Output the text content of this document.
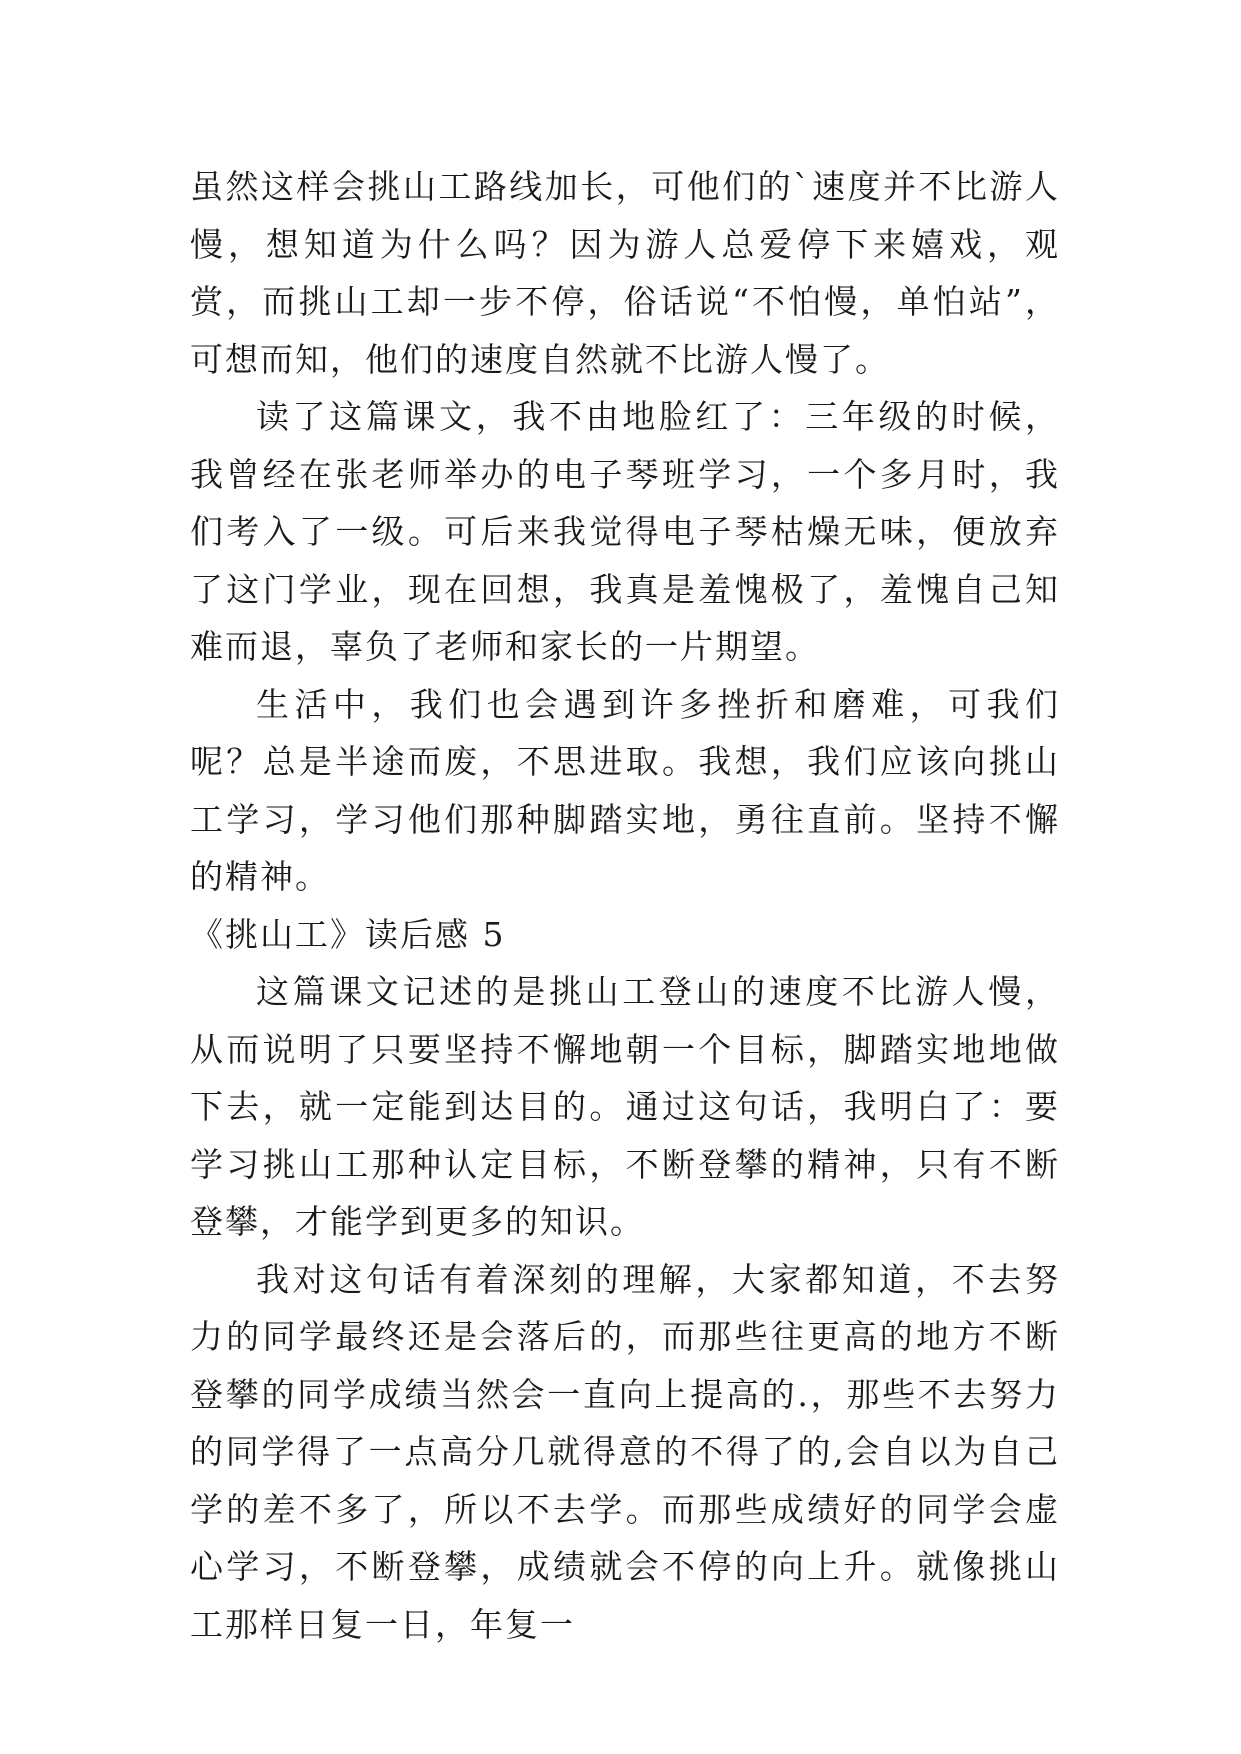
虽然这样会挑山工路线加长，可他们的`速度并不比游人慢，想知道为什么吗？因为游人总爱停下来嬉戏，观赏，而挑山工却一步不停，俗话说“不怕慢，单怕站”，可想而知，他们的速度自然就不比游人慢了。

读了这篇课文，我不由地脸红了：三年级的时候，我曾经在张老师举办的电子琴班学习，一个多月时，我们考入了一级。可后来我觉得电子琴枯燥无味，便放弃了这门学业，现在回想，我真是羞愧极了，羞愧自己知难而退，辜负了老师和家长的一片期望。

生活中，我们也会遇到许多挫折和磨难，可我们呢？总是半途而废，不思进取。我想，我们应该向挑山工学习，学习他们那种脚踏实地，勇往直前。坚持不懈的精神。

《挑山工》读后感 5

这篇课文记述的是挑山工登山的速度不比游人慢，从而说明了只要坚持不懈地朝一个目标，脚踏实地地做下去，就一定能到达目的。通过这句话，我明白了：要学习挑山工那种认定目标，不断登攀的精神，只有不断登攀，才能学到更多的知识。

我对这句话有着深刻的理解，大家都知道，不去努力的同学最终还是会落后的，而那些往更高的地方不断登攀的同学成绩当然会一直向上提高的.，那些不去努力的同学得了一点高分几就得意的不得了的,会自以为自己学的差不多了，所以不去学。而那些成绩好的同学会虚心学习，不断登攀，成绩就会不停的向上升。就像挑山工那样日复一日，年复一
